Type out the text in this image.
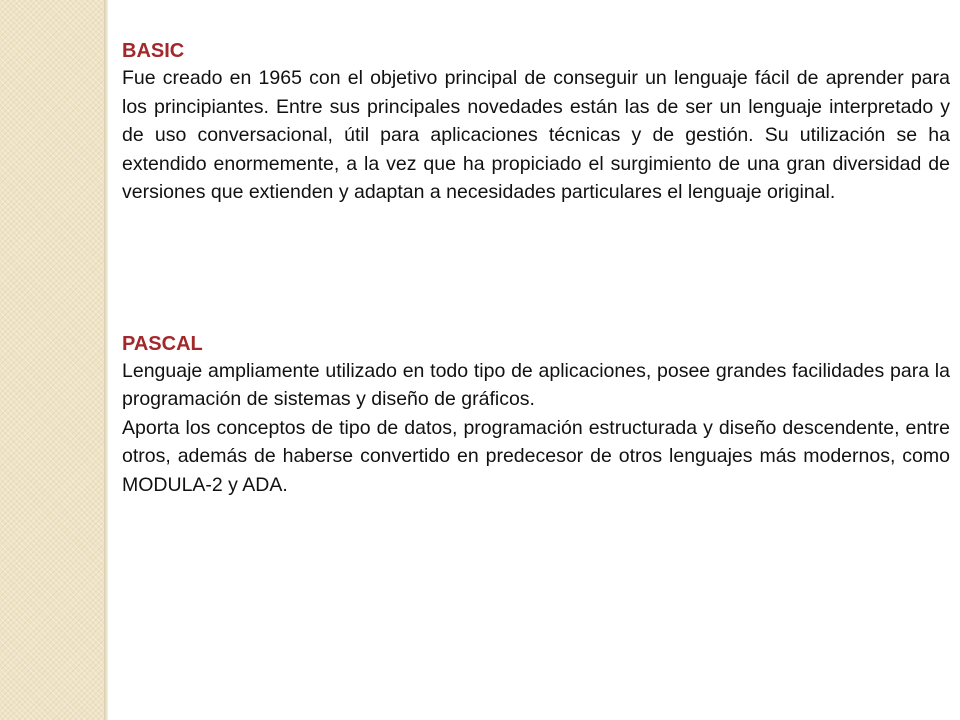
BASIC

Fue creado en 1965 con el objetivo principal de conseguir un lenguaje fácil de aprender para los principiantes. Entre sus principales novedades están las de ser un lenguaje interpretado y de uso conversacional, útil para aplicaciones técnicas y de gestión. Su utilización se ha extendido enormemente, a la vez que ha propiciado el surgimiento de una gran diversidad de versiones que extienden y adaptan a necesidades particulares el lenguaje original.

PASCAL

Lenguaje ampliamente utilizado en todo tipo de aplicaciones, posee grandes facilidades para la programación de sistemas y diseño de gráficos.

Aporta los conceptos de tipo de datos, programación estructurada y diseño descendente, entre otros, además de haberse convertido en predecesor de otros lenguajes más modernos, como MODULA-2 y ADA.
